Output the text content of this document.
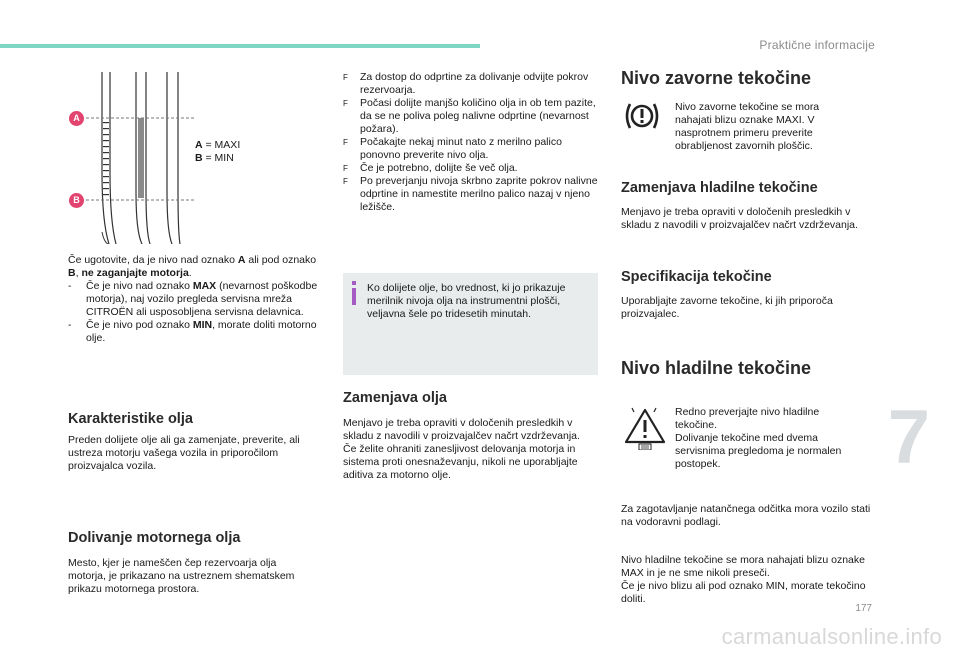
Praktične informacije
A
B
A = MAXI
B = MIN

Če ugotovite, da je nivo nad oznako A ali pod oznako B, ne zaganjajte motorja.

- Če je nivo nad oznako MAX (nevarnost poškodbe motorja), naj vozilo pregleda servisna mreža CITROËN ali usposobljena servisna delavnica.
- Če je nivo pod oznako MIN, morate doliti motorno olje.
Karakteristike olja

Preden dolijete olje ali ga zamenjate, preverite, ali ustreza motorju vašega vozila in priporočilom proizvajalca vozila.

Dolivanje motornega olja

Mesto, kjer je nameščen čep rezervoarja olja motorja, je prikazano na ustreznem shematskem prikazu motornega prostora.

F Za dostop do odprtine za dolivanje odvijte pokrov rezervoarja.
F Počasi dolijte manjšo količino olja in ob tem pazite, da se ne poliva poleg nalivne odprtine (nevarnost požara).
F Počakajte nekaj minut nato z merilno palico ponovno preverite nivo olja.
F Če je potrebno, dolijte še več olja.
F Po preverjanju nivoja skrbno zaprite pokrov nalivne odprtine in namestite merilno palico nazaj v njeno ležišče.

Ko dolijete olje, bo vrednost, ki jo prikazuje merilnik nivoja olja na instrumentni plošči, veljavna šele po tridesetih minutah.

Zamenjava olja

Menjavo je treba opraviti v določenih presledkih v skladu z navodili v proizvajalčev načrt vzdrževanja.

Če želite ohraniti zanesljivost delovanja motorja in sistema proti onesnaževanju, nikoli ne uporabljajte aditiva za motorno olje.

Nivo zavorne tekočine

Nivo zavorne tekočine se mora nahajati blizu oznake MAXI. V nasprotnem primeru preverite obrabljenost zavornih ploščic.

Zamenjava hladilne tekočine

Menjavo je treba opraviti v določenih presledkih v skladu z navodili v proizvajalčev načrt vzdrževanja.

Specifikacija tekočine

Uporabljajte zavorne tekočine, ki jih priporoča proizvajalec.

Nivo hladilne tekočine

Redno preverjajte nivo hladilne tekočine.

Dolivanje tekočine med dvema servisnima pregledoma je normalen postopek.

Za zagotavljanje natančnega odčitka mora vozilo stati na vodoravni podlagi.

Nivo hladilne tekočine se mora nahajati blizu oznake MAX in je ne sme nikoli preseči.

Če je nivo blizu ali pod oznako MIN, morate tekočino doliti.

7
177
carmanualsonline.info
